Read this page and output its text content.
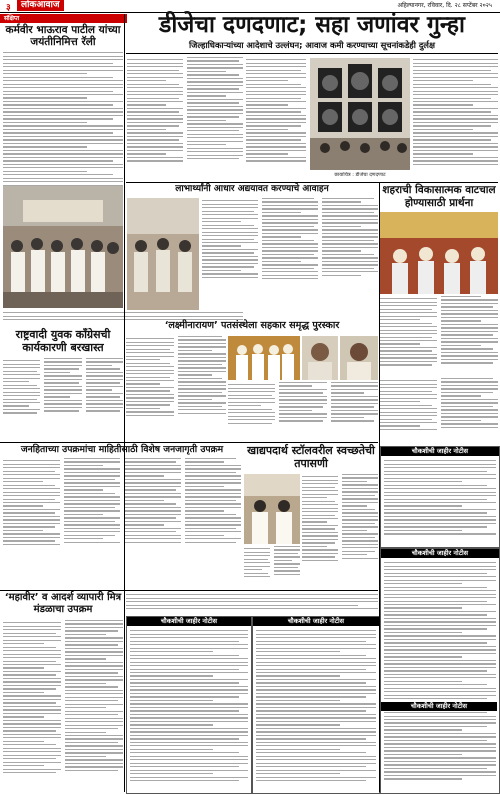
३	लोकआवाज	अहिल्यानगर, रविवार, दि. २८ सप्टेंबर २०२५
संक्षिप्त
कर्मवीर भाऊराव पाटील यांच्या जयंतीनिमित्त रॅली
डीजेचा दणदणाट; सहा जणांवर गुन्हा
जिल्हाधिकाऱ्यांच्या आदेशाचे उल्लंघन; आवाज कमी करण्याच्या सूचनांकडेही दुर्लक्ष
छायाचित्र : डीजेचा दणदणाट
लाभार्थ्यांनी आधार अद्ययावत करण्याचे आवाहन	शहराची विकासात्मक वाटचाल होण्यासाठी प्रार्थना
राष्ट्रवादी युवक काँग्रेसची कार्यकारणी बरखास्त
‘लक्ष्मीनारायण’ पतसंस्थेला सहकार समृद्ध पुरस्कार
जनहिताच्या उपक्रमांचा माहितीसाठी विशेष जनजागृती उपक्रम	खाद्यपदार्थ स्टॉलवरील स्वच्छतेची तपासणी
चौकशीची जाहीर नोटीस
चौकशीची जाहीर नोटीस
‘महावीर’ व आदर्श व्यापारी मित्र मंडळाचा उपक्रम
चौकशीची जाहीर नोटीस	चौकशीची जाहीर नोटीस
चौकशीची जाहीर नोटीस
